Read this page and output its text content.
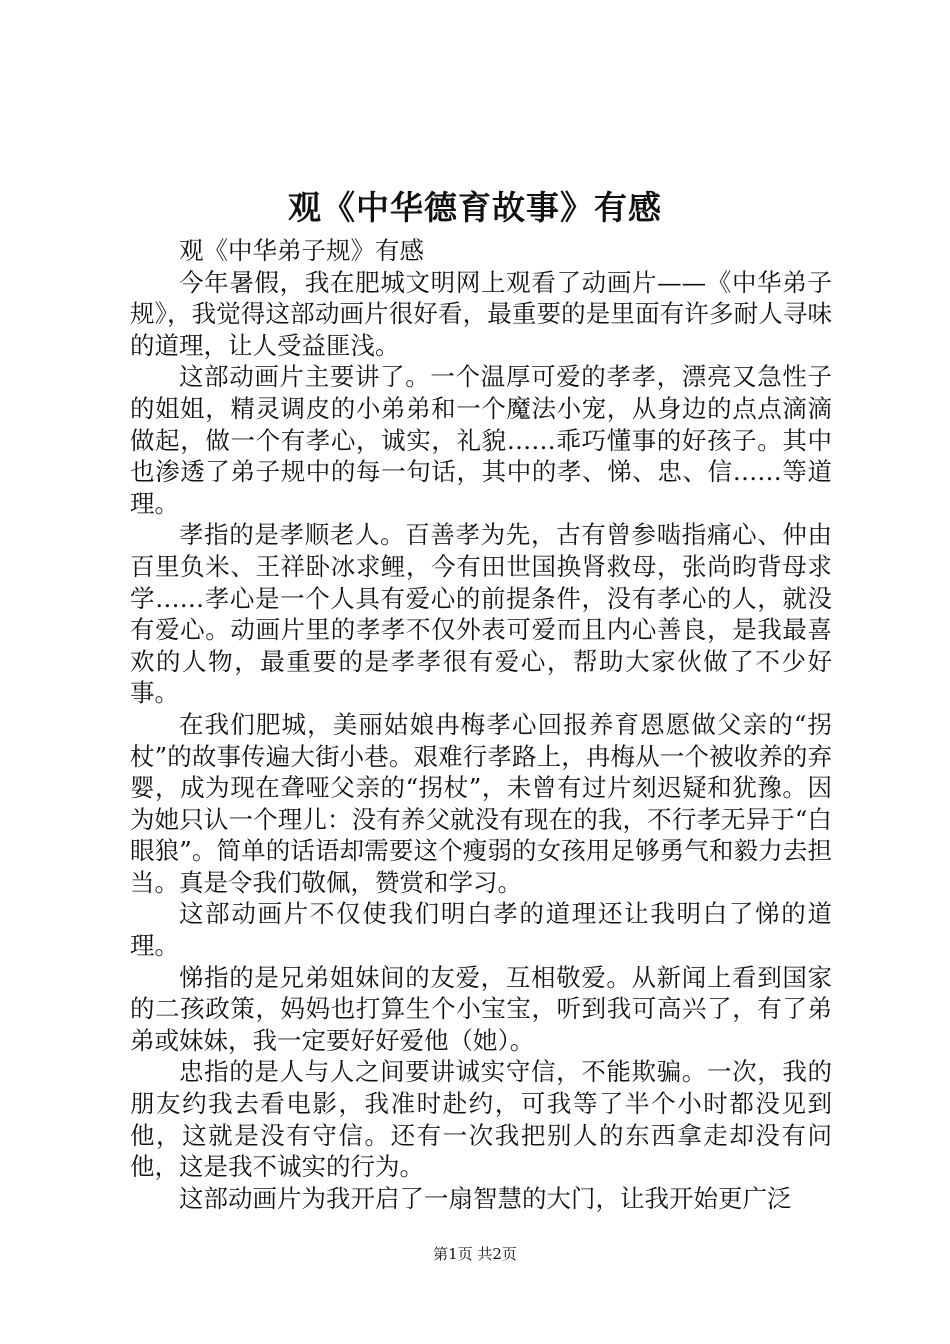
观《中华德育故事》有感

观《中华弟子规》有感

今年暑假，我在肥城文明网上观看了动画片——《中华弟子规》，我觉得这部动画片很好看，最重要的是里面有许多耐人寻味的道理，让人受益匪浅。

这部动画片主要讲了。一个温厚可爱的孝孝，漂亮又急性子的姐姐，精灵调皮的小弟弟和一个魔法小宠，从身边的点点滴滴做起，做一个有孝心，诚实，礼貌……乖巧懂事的好孩子。其中也渗透了弟子规中的每一句话，其中的孝、悌、忠、信……等道理。

孝指的是孝顺老人。百善孝为先，古有曾参啮指痛心、仲由百里负米、王祥卧冰求鲤，今有田世国换肾救母，张尚昀背母求学……孝心是一个人具有爱心的前提条件，没有孝心的人，就没有爱心。动画片里的孝孝不仅外表可爱而且内心善良，是我最喜欢的人物，最重要的是孝孝很有爱心，帮助大家伙做了不少好事。

在我们肥城，美丽姑娘冉梅孝心回报养育恩愿做父亲的“拐杖”的故事传遍大街小巷。艰难行孝路上，冉梅从一个被收养的弃婴，成为现在聋哑父亲的“拐杖”，未曾有过片刻迟疑和犹豫。因为她只认一个理儿：没有养父就没有现在的我，不行孝无异于“白眼狼”。简单的话语却需要这个瘦弱的女孩用足够勇气和毅力去担当。真是令我们敬佩，赞赏和学习。

这部动画片不仅使我们明白孝的道理还让我明白了悌的道理。

悌指的是兄弟姐妹间的友爱，互相敬爱。从新闻上看到国家的二孩政策，妈妈也打算生个小宝宝，听到我可高兴了，有了弟弟或妹妹，我一定要好好爱他（她）。

忠指的是人与人之间要讲诚实守信，不能欺骗。一次，我的朋友约我去看电影，我准时赴约，可我等了半个小时都没见到他，这就是没有守信。还有一次我把别人的东西拿走却没有问他，这是我不诚实的行为。

这部动画片为我开启了一扇智慧的大门，让我开始更广泛

第1页 共2页
